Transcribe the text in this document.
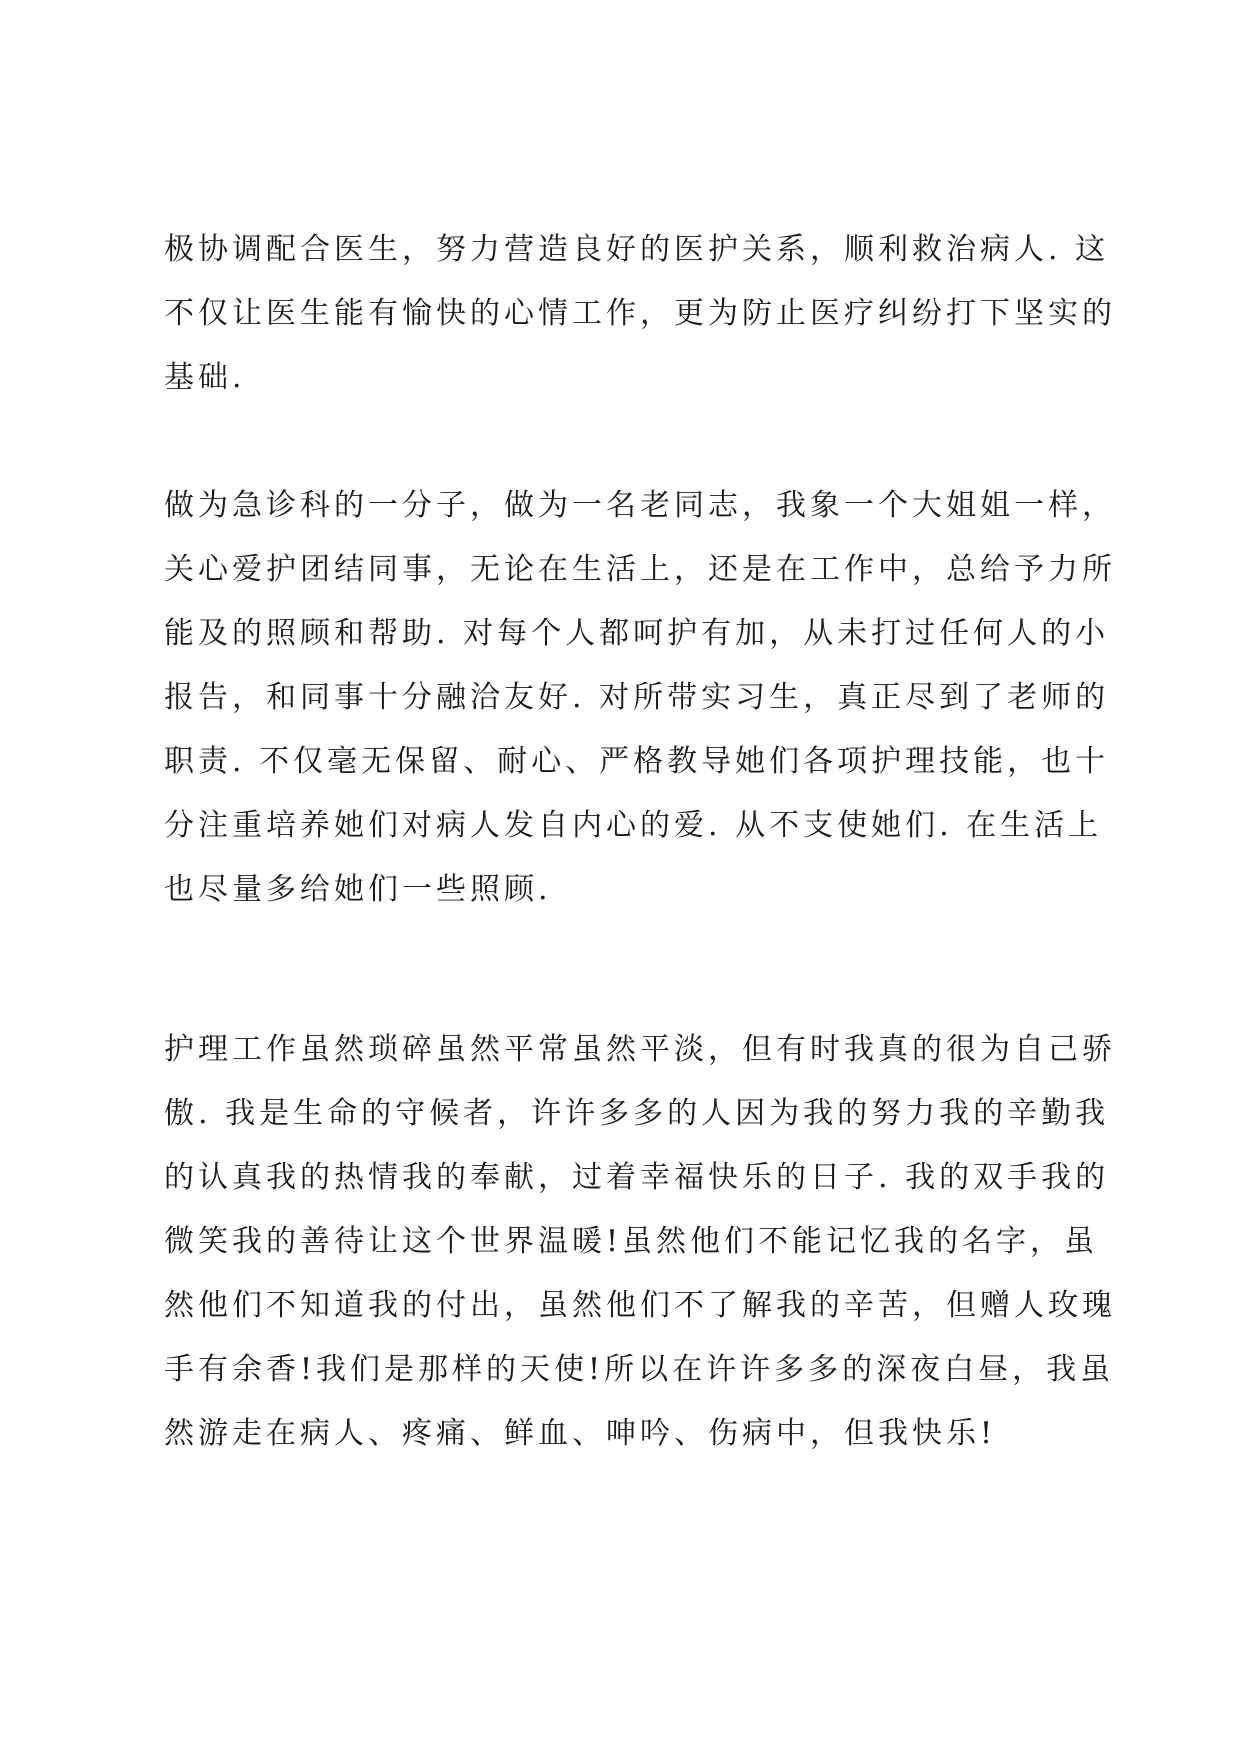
极协调配合医生，努力营造良好的医护关系，顺利救治病人. 这
不仅让医生能有愉快的心情工作，更为防止医疗纠纷打下坚实的
基础.

做为急诊科的一分子，做为一名老同志，我象一个大姐姐一样，
关心爱护团结同事，无论在生活上，还是在工作中，总给予力所
能及的照顾和帮助. 对每个人都呵护有加，从未打过任何人的小
报告，和同事十分融洽友好. 对所带实习生，真正尽到了老师的
职责. 不仅毫无保留、耐心、严格教导她们各项护理技能，也十
分注重培养她们对病人发自内心的爱. 从不支使她们. 在生活上
也尽量多给她们一些照顾.

护理工作虽然琐碎虽然平常虽然平淡，但有时我真的很为自己骄
傲. 我是生命的守候者，许许多多的人因为我的努力我的辛勤我
的认真我的热情我的奉献，过着幸福快乐的日子. 我的双手我的
微笑我的善待让这个世界温暖!虽然他们不能记忆我的名字，虽
然他们不知道我的付出，虽然他们不了解我的辛苦，但赠人玫瑰
手有余香!我们是那样的天使!所以在许许多多的深夜白昼，我虽
然游走在病人、疼痛、鲜血、呻吟、伤病中，但我快乐!
